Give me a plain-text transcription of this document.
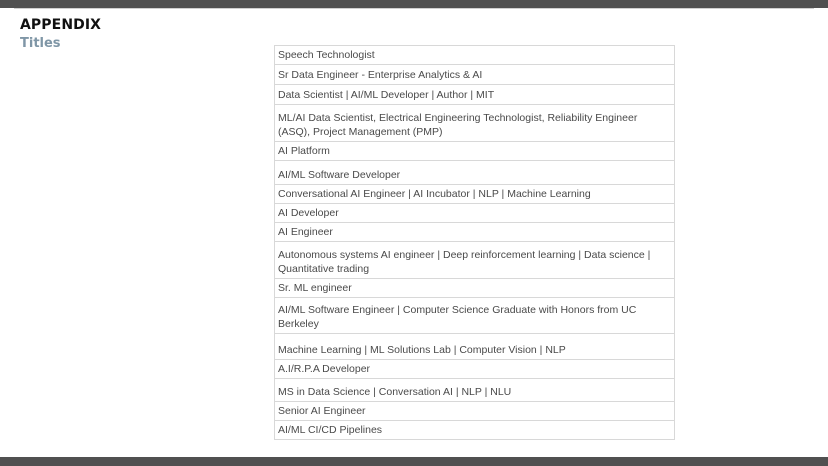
APPENDIX
Titles
Speech Technologist
Sr Data Engineer - Enterprise Analytics & AI
Data Scientist | AI/ML Developer | Author | MIT
ML/AI Data Scientist, Electrical Engineering Technologist, Reliability Engineer (ASQ), Project Management (PMP)
AI Platform
AI/ML Software Developer
Conversational AI Engineer | AI Incubator | NLP | Machine Learning
AI Developer
AI Engineer
Autonomous systems AI engineer | Deep reinforcement learning | Data science | Quantitative trading
Sr. ML engineer
AI/ML Software Engineer | Computer Science Graduate with Honors from UC Berkeley
Machine Learning | ML Solutions Lab | Computer Vision | NLP
A.I/R.P.A Developer
MS in Data Science | Conversation AI | NLP | NLU
Senior AI Engineer
AI/ML CI/CD Pipelines
